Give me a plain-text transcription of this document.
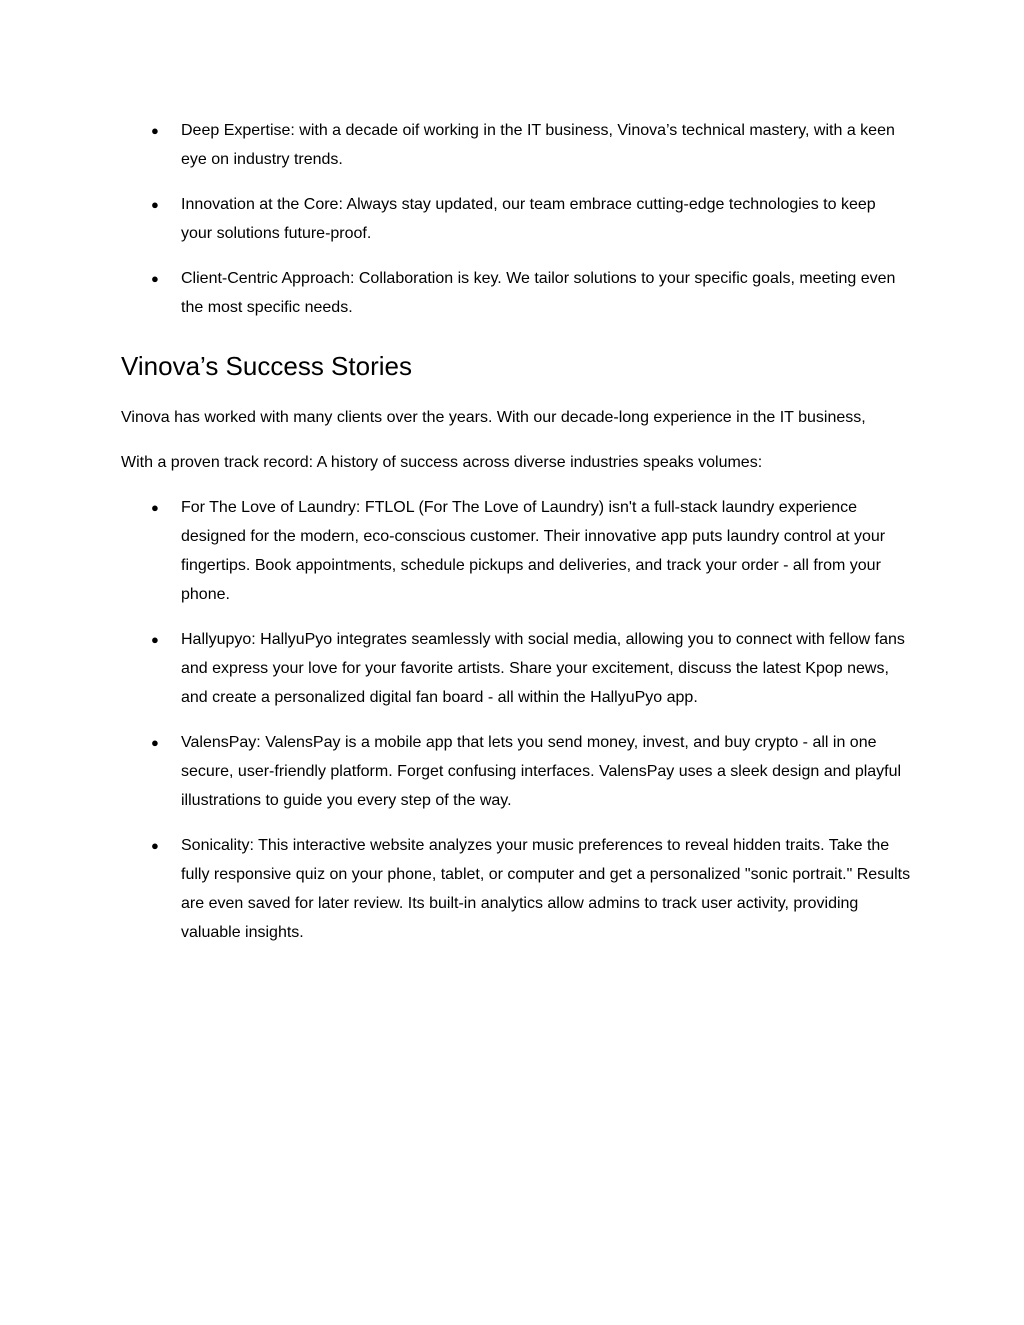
● Deep Expertise: with a decade oif working in the IT business, Vinova’s technical mastery, with a keen eye on industry trends.
● Innovation at the Core: Always stay updated, our team embrace cutting-edge technologies to keep your solutions future-proof.
● Client-Centric Approach: Collaboration is key. We tailor solutions to your specific goals, meeting even the most specific needs.
Vinova’s Success Stories

Vinova has worked with many clients over the years. With our decade-long experience in the IT business,

With a proven track record: A history of success across diverse industries speaks volumes:

● For The Love of Laundry: FTLOL (For The Love of Laundry) isn't a full-stack laundry experience designed for the modern, eco-conscious customer. Their innovative app puts laundry control at your fingertips. Book appointments, schedule pickups and deliveries, and track your order - all from your phone.
● Hallyupyo: HallyuPyo integrates seamlessly with social media, allowing you to connect with fellow fans and express your love for your favorite artists. Share your excitement, discuss the latest Kpop news, and create a personalized digital fan board - all within the HallyuPyo app.
● ValensPay: ValensPay is a mobile app that lets you send money, invest, and buy crypto - all in one secure, user-friendly platform. Forget confusing interfaces. ValensPay uses a sleek design and playful illustrations to guide you every step of the way.
● Sonicality: This interactive website analyzes your music preferences to reveal hidden traits. Take the fully responsive quiz on your phone, tablet, or computer and get a personalized "sonic portrait." Results are even saved for later review. Its built-in analytics allow admins to track user activity, providing valuable insights.
